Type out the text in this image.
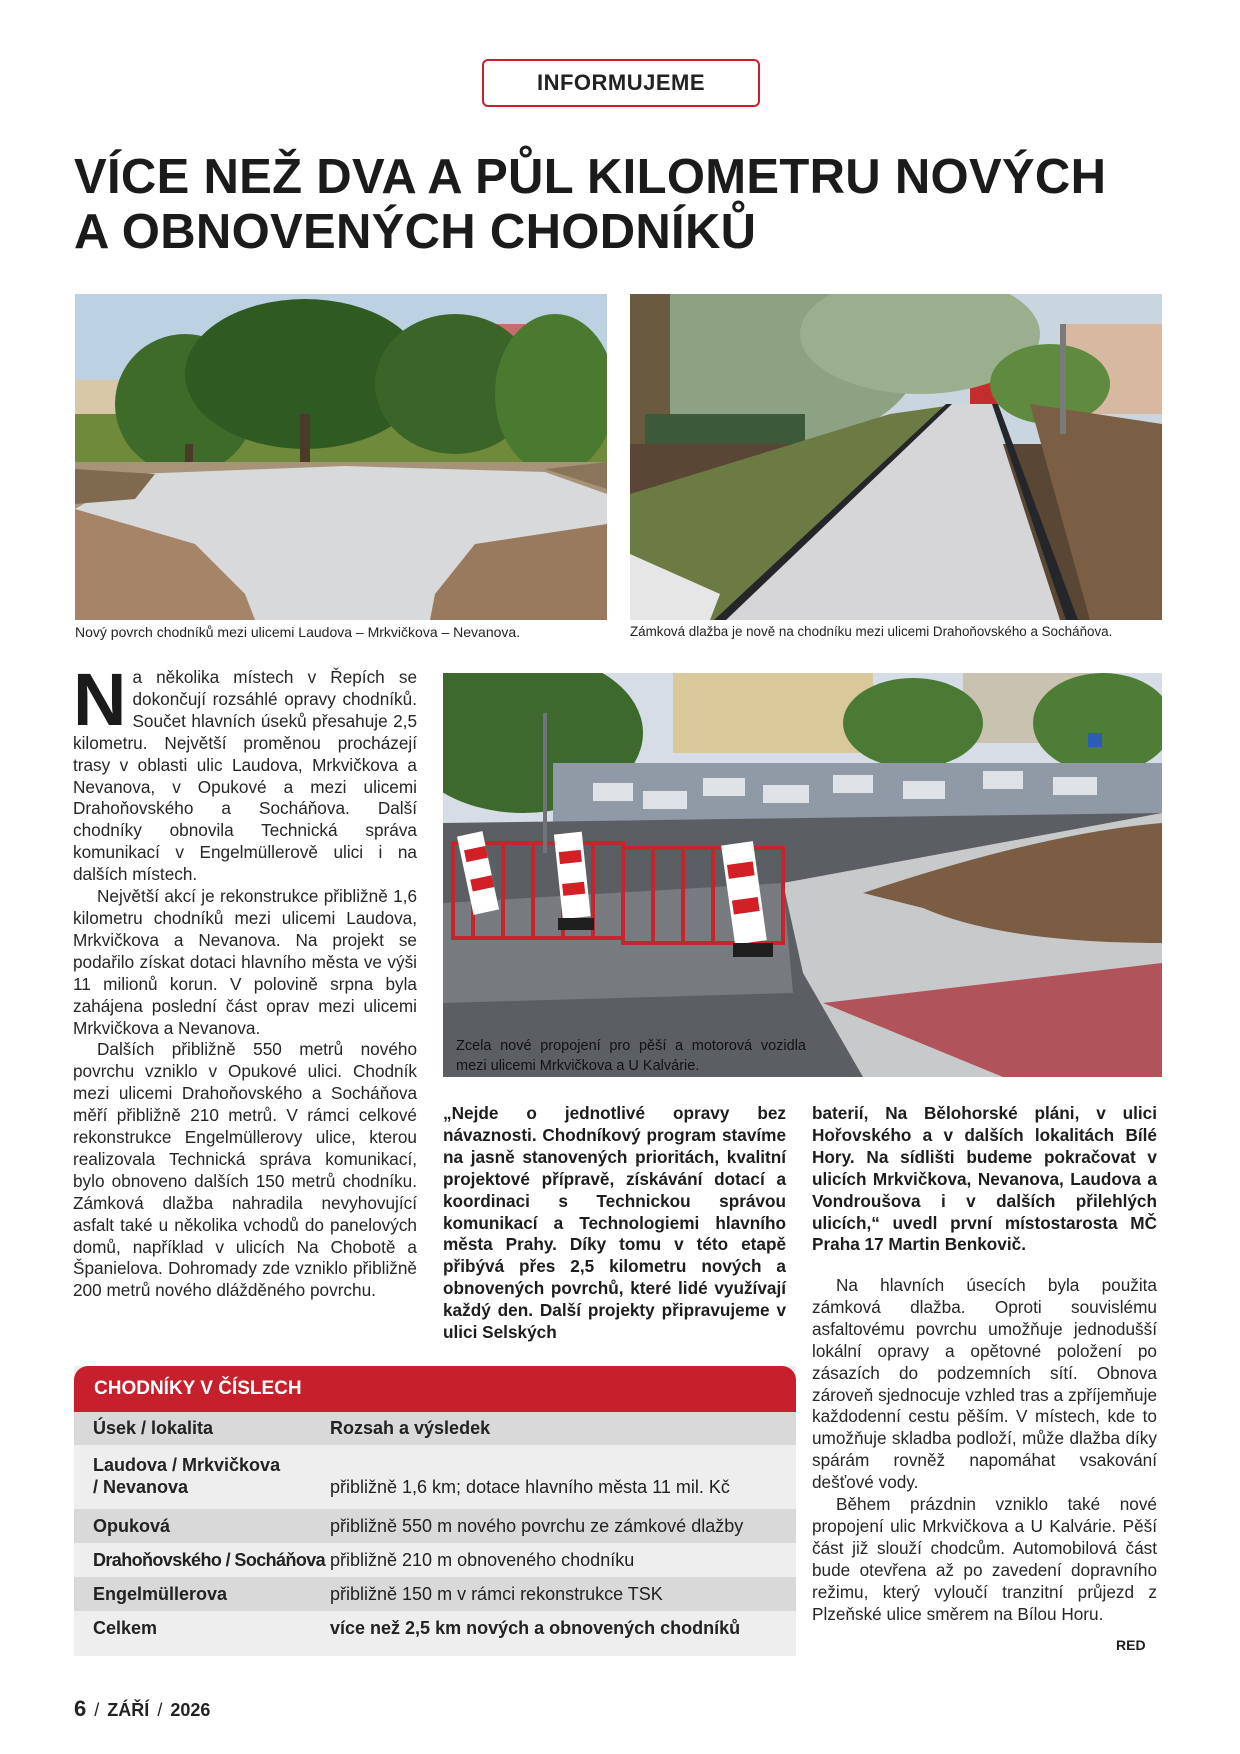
INFORMUJEME
VÍCE NEŽ DVA A PŮL KILOMETRU NOVÝCH
A OBNOVENÝCH CHODNÍKŮ
Nový povrch chodníků mezi ulicemi Laudova – Mrkvičkova – Nevanova.	Zámková dlažba je nově na chodníku mezi ulicemi Drahoňovského a Socháňova.
Zcela nové propojení pro pěší a motorová vozidla mezi ulicemi Mrkvičkova a U Kalvárie.

N a několika místech v Řepích se dokončují rozsáhlé opravy chodníků. Součet hlavních úseků přesahuje 2,5 kilometru. Největší proměnou procházejí trasy v oblasti ulic Laudova, Mrkvičkova a Nevanova, v Opukové a mezi ulicemi Drahoňovského a Socháňova. Další chodníky obnovila Technická správa komunikací v Engelmüllerově ulici i na dalších místech.

Největší akcí je rekonstrukce přibližně 1,6 kilometru chodníků mezi ulicemi Laudova, Mrkvičkova a Nevanova. Na projekt se podařilo získat dotaci hlavního města ve výši 11 milionů korun. V polovině srpna byla zahájena poslední část oprav mezi ulicemi Mrkvičkova a Nevanova.

Dalších přibližně 550 metrů nového povrchu vzniklo v Opukové ulici. Chodník mezi ulicemi Drahoňovského a Socháňova měří přibližně 210 metrů. V rámci celkové rekonstrukce Engelmüllerovy ulice, kterou realizovala Technická správa komunikací, bylo obnoveno dalších 150 metrů chodníku. Zámková dlažba nahradila nevyhovující asfalt také u několika vchodů do panelových domů, například v ulicích Na Chobotě a Španielova. Dohromady zde vzniklo přibližně 200 metrů nového dlážděného povrchu.

„Nejde o jednotlivé opravy bez návaznosti. Chodníkový program stavíme na jasně stanovených prioritách, kvalitní projektové přípravě, získávání dotací a koordinaci s Technickou správou komunikací a Technologiemi hlavního města Prahy. Díky tomu v této etapě přibývá přes 2,5 kilometru nových a obnovených povrchů, které lidé využívají každý den. Další projekty připravujeme v ulici Selských

baterií, Na Bělohorské pláni, v ulici Hořovského a v dalších lokalitách Bílé Hory. Na sídlišti budeme pokračovat v ulicích Mrkvičkova, Nevanova, Laudova a Vondroušova i v dalších přilehlých ulicích,“ uvedl první místostarosta MČ Praha 17 Martin Benkovič.

Na hlavních úsecích byla použita zámková dlažba. Oproti souvislému asfaltovému povrchu umožňuje jednodušší lokální opravy a opětovné položení po zásazích do podzemních sítí. Obnova zároveň sjednocuje vzhled tras a zpříjemňuje každodenní cestu pěším. V místech, kde to umožňuje skladba podloží, může dlažba díky spárám rovněž napomáhat vsakování dešťové vody.

Během prázdnin vzniklo také nové propojení ulic Mrkvičkova a U Kalvárie. Pěší část již slouží chodcům. Automobilová část bude otevřena až po zavedení dopravního režimu, který vyloučí tranzitní průjezd z Plzeňské ulice směrem na Bílou Horu.

RED
CHODNÍKY V ČÍSLECH
Úsek / lokalita	Rozsah a výsledek
Laudova / Mrkvičkova
/ Nevanova	přibližně 1,6 km; dotace hlavního města 11 mil. Kč
Opuková	přibližně 550 m nového povrchu ze zámkové dlažby
Drahoňovského / Socháňova přibližně 210 m obnoveného chodníku
Engelmüllerova	přibližně 150 m v rámci rekonstrukce TSK
Celkem	více než 2,5 km nových a obnovených chodníků
6 / ZÁŘÍ / 2026
